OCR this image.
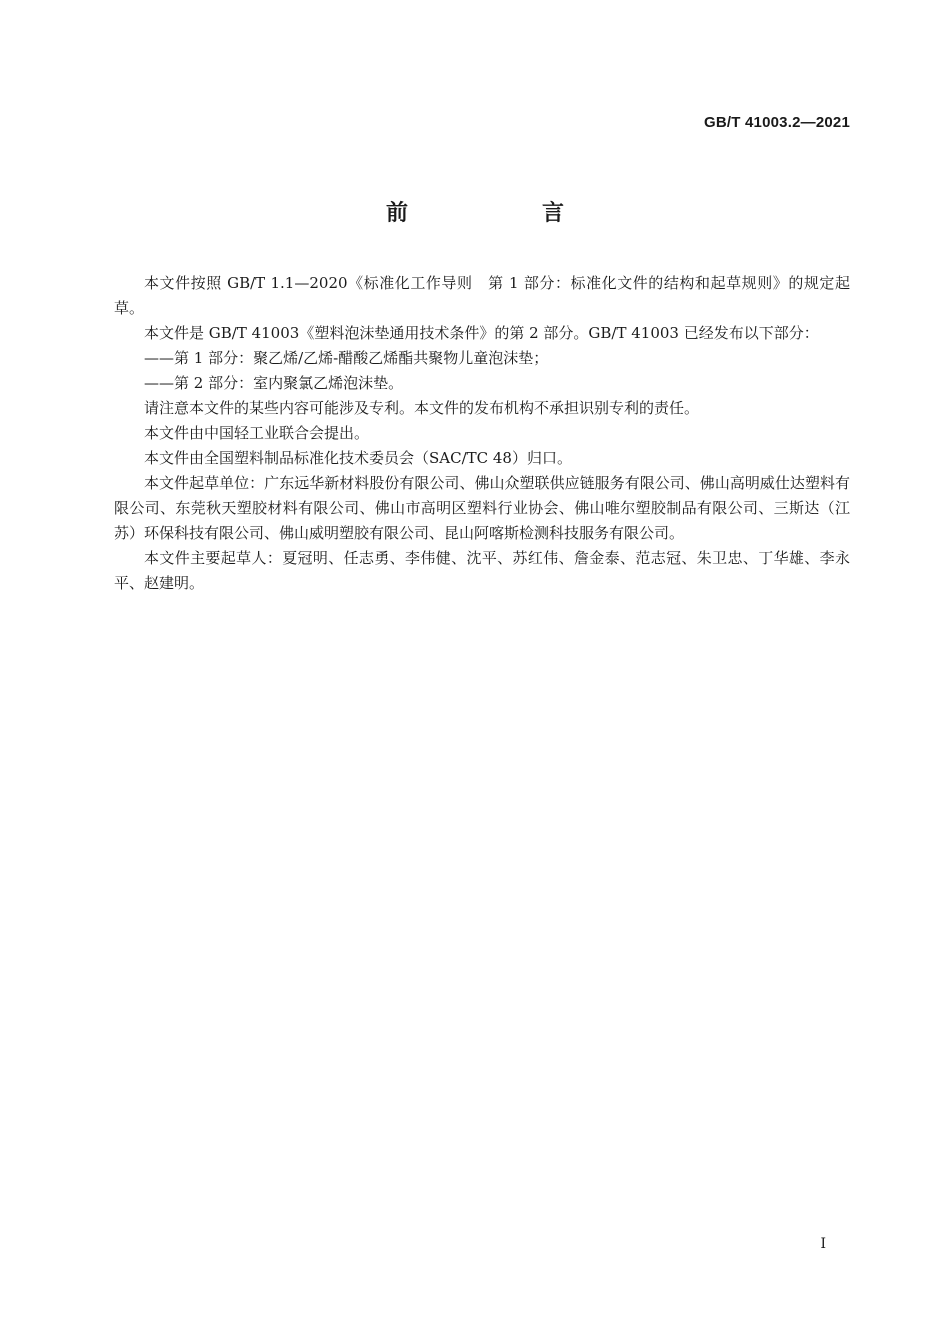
GB/T 41003.2—2021
前　言

本文件按照 GB/T 1.1—2020《标准化工作导则　第 1 部分：标准化文件的结构和起草规则》的规定起草。

本文件是 GB/T 41003《塑料泡沫垫通用技术条件》的第 2 部分。GB/T 41003 已经发布以下部分：

——第 1 部分：聚乙烯/乙烯-醋酸乙烯酯共聚物儿童泡沫垫；

——第 2 部分：室内聚氯乙烯泡沫垫。

请注意本文件的某些内容可能涉及专利。本文件的发布机构不承担识别专利的责任。

本文件由中国轻工业联合会提出。

本文件由全国塑料制品标准化技术委员会（SAC/TC 48）归口。

本文件起草单位：广东远华新材料股份有限公司、佛山众塑联供应链服务有限公司、佛山高明威仕达塑料有限公司、东莞秋天塑胶材料有限公司、佛山市高明区塑料行业协会、佛山唯尔塑胶制品有限公司、三斯达（江苏）环保科技有限公司、佛山威明塑胶有限公司、昆山阿喀斯检测科技服务有限公司。

本文件主要起草人：夏冠明、任志勇、李伟健、沈平、苏红伟、詹金泰、范志冠、朱卫忠、丁华雄、李永平、赵建明。

I
